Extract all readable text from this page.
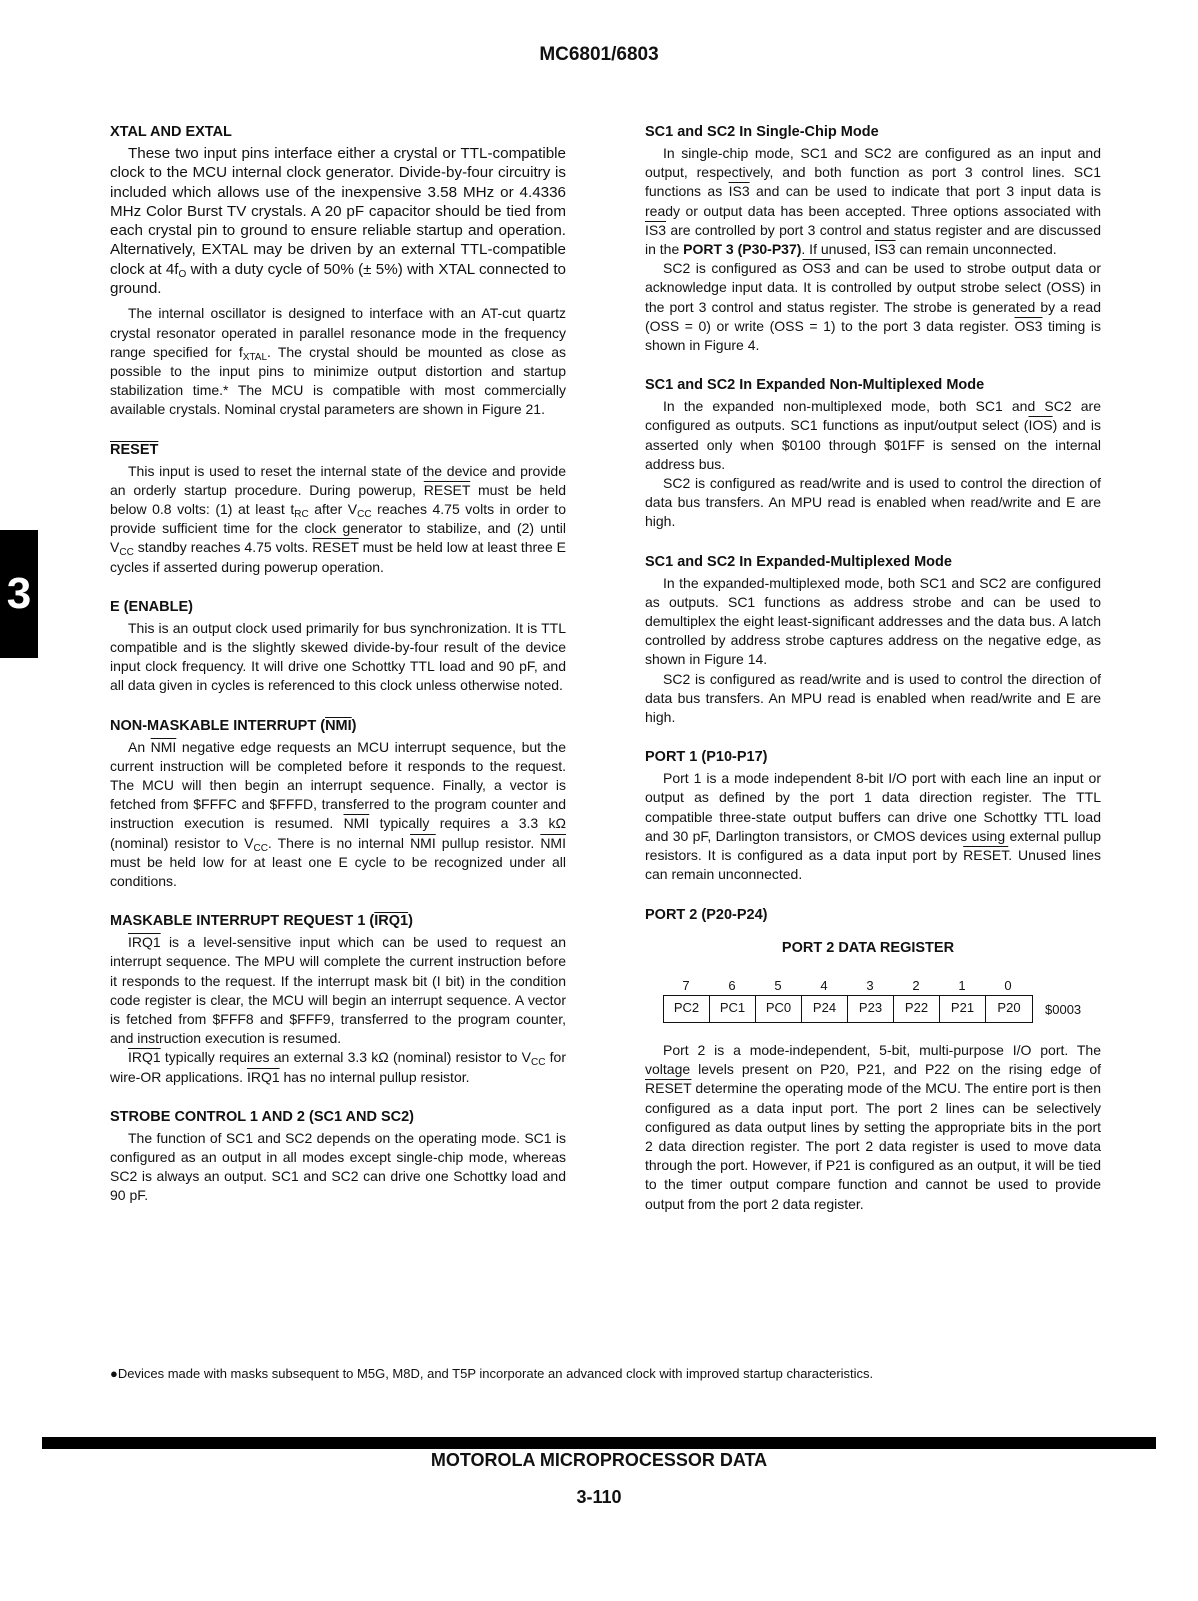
MC6801/6803
3
XTAL AND EXTAL

These two input pins interface either a crystal or TTL-compatible clock to the MCU internal clock generator. Divide-by-four circuitry is included which allows use of the inexpensive 3.58 MHz or 4.4336 MHz Color Burst TV crystals. A 20 pF capacitor should be tied from each crystal pin to ground to ensure reliable startup and operation. Alternatively, EXTAL may be driven by an external TTL-compatible clock at $4f_O$ with a duty cycle of 50% (± 5%) with XTAL connected to ground.

The internal oscillator is designed to interface with an AT-cut quartz crystal resonator operated in parallel resonance mode in the frequency range specified for $f_{XTAL}$. The crystal should be mounted as close as possible to the input pins to minimize output distortion and startup stabilization time.* The MCU is compatible with most commercially available crystals. Nominal crystal parameters are shown in Figure 21.

RESET

This input is used to reset the internal state of the device and provide an orderly startup procedure. During powerup, RESET must be held below 0.8 volts: (1) at least $t_{RC}$ after $V_{CC}$ reaches 4.75 volts in order to provide sufficient time for the clock generator to stabilize, and (2) until $V_{CC}$ standby reaches 4.75 volts. RESET must be held low at least three E cycles if asserted during powerup operation.

E (ENABLE)

This is an output clock used primarily for bus synchronization. It is TTL compatible and is the slightly skewed divide-by-four result of the device input clock frequency. It will drive one Schottky TTL load and 90 pF, and all data given in cycles is referenced to this clock unless otherwise noted.

NON-MASKABLE INTERRUPT (NMI)

An $\overline{NMI}$ negative edge requests an MCU interrupt sequence, but the current instruction will be completed before it responds to the request. The MCU will then begin an interrupt sequence. Finally, a vector is fetched from $FFFC and $FFFD, transferred to the program counter and instruction execution is resumed. $\overline{NMI}$ typically requires a 3.3 kΩ (nominal) resistor to $V_{CC}$. There is no internal $\overline{NMI}$ pullup resistor. $\overline{NMI}$ must be held low for at least one E cycle to be recognized under all conditions.

MASKABLE INTERRUPT REQUEST 1 (IRQ1)

IRQ1 is a level-sensitive input which can be used to request an interrupt sequence. The MPU will complete the current instruction before it responds to the request. If the interrupt mask bit (I bit) in the condition code register is clear, the MCU will begin an interrupt sequence. A vector is fetched from $FFF8 and $FFF9, transferred to the program counter, and instruction execution is resumed.

IRQ1 typically requires an external 3.3 kΩ (nominal) resistor to $V_{CC}$ for wire-OR applications. IRQ1 has no internal pullup resistor.

STROBE CONTROL 1 AND 2 (SC1 AND SC2)

The function of SC1 and SC2 depends on the operating mode. SC1 is configured as an output in all modes except single-chip mode, whereas SC2 is always an output. SC1 and SC2 can drive one Schottky load and 90 pF.

SC1 and SC2 In Single-Chip Mode

In single-chip mode, SC1 and SC2 are configured as an input and output, respectively, and both function as port 3 control lines. SC1 functions as IS3 and can be used to indicate that port 3 input data is ready or output data has been accepted. Three options associated with IS3 are controlled by port 3 control and status register and are discussed in the PORT 3 (P30-P37). If unused, IS3 can remain unconnected.

SC2 is configured as OS3 and can be used to strobe output data or acknowledge input data. It is controlled by output strobe select (OSS) in the port 3 control and status register. The strobe is generated by a read (OSS = 0) or write (OSS = 1) to the port 3 data register. OS3 timing is shown in Figure 4.

SC1 and SC2 In Expanded Non-Multiplexed Mode

In the expanded non-multiplexed mode, both SC1 and SC2 are configured as outputs. SC1 functions as input/output select $(\overline{IOS})$ and is asserted only when $0100 through $01FF is sensed on the internal address bus.

SC2 is configured as read/write and is used to control the direction of data bus transfers. An MPU read is enabled when read/write and E are high.

SC1 and SC2 In Expanded-Multiplexed Mode

In the expanded-multiplexed mode, both SC1 and SC2 are configured as outputs. SC1 functions as address strobe and can be used to demultiplex the eight least-significant addresses and the data bus. A latch controlled by address strobe captures address on the negative edge, as shown in Figure 14.

SC2 is configured as read/write and is used to control the direction of data bus transfers. An MPU read is enabled when read/write and E are high.

PORT 1 (P10-P17)

Port 1 is a mode independent 8-bit I/O port with each line an input or output as defined by the port 1 data direction register. The TTL compatible three-state output buffers can drive one Schottky TTL load and 30 pF, Darlington transistors, or CMOS devices using external pullup resistors. It is configured as a data input port by RESET. Unused lines can remain unconnected.

PORT 2 (P20-P24)
PORT 2 DATA REGISTER
7	6	5	4	3	2	1	0
PC2	PC1	PC0	P24	P23	P22	P21	P20	$0003

Port 2 is a mode-independent, 5-bit, multi-purpose I/O port. The voltage levels present on P20, P21, and P22 on the rising edge of RESET determine the operating mode of the MCU. The entire port is then configured as a data input port. The port 2 lines can be selectively configured as data output lines by setting the appropriate bits in the port 2 data direction register. The port 2 data register is used to move data through the port. However, if P21 is configured as an output, it will be tied to the timer output compare function and cannot be used to provide output from the port 2 data register.

●Devices made with masks subsequent to M5G, M8D, and T5P incorporate an advanced clock with improved startup characteristics.
MOTOROLA MICROPROCESSOR DATA
3-110
